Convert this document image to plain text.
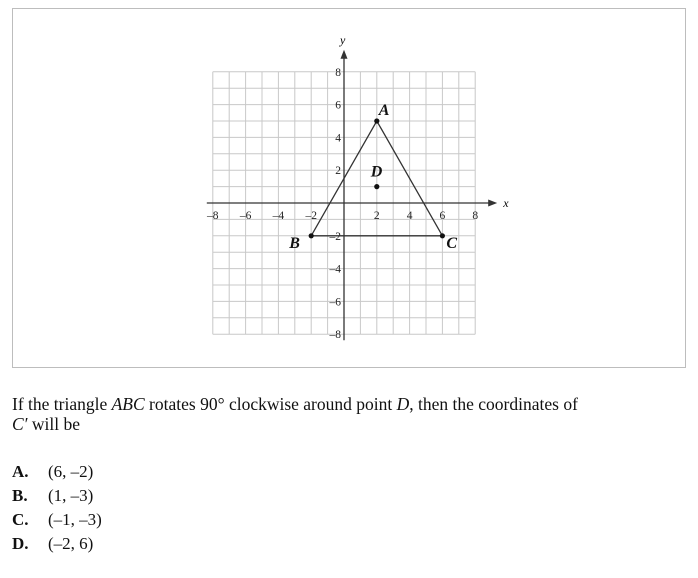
x
y
–8 –6 –4 –2	2 4 6 8
8
6
4
2
–2
–4
–6
–8
A
B	C
D

If the triangle ABC rotates 90° clockwise around point D, then the coordinates of
C′ will be

A.	(6, –2)
B.	(1, –3)
C.	(–1, –3)
D.	(–2, 6)
